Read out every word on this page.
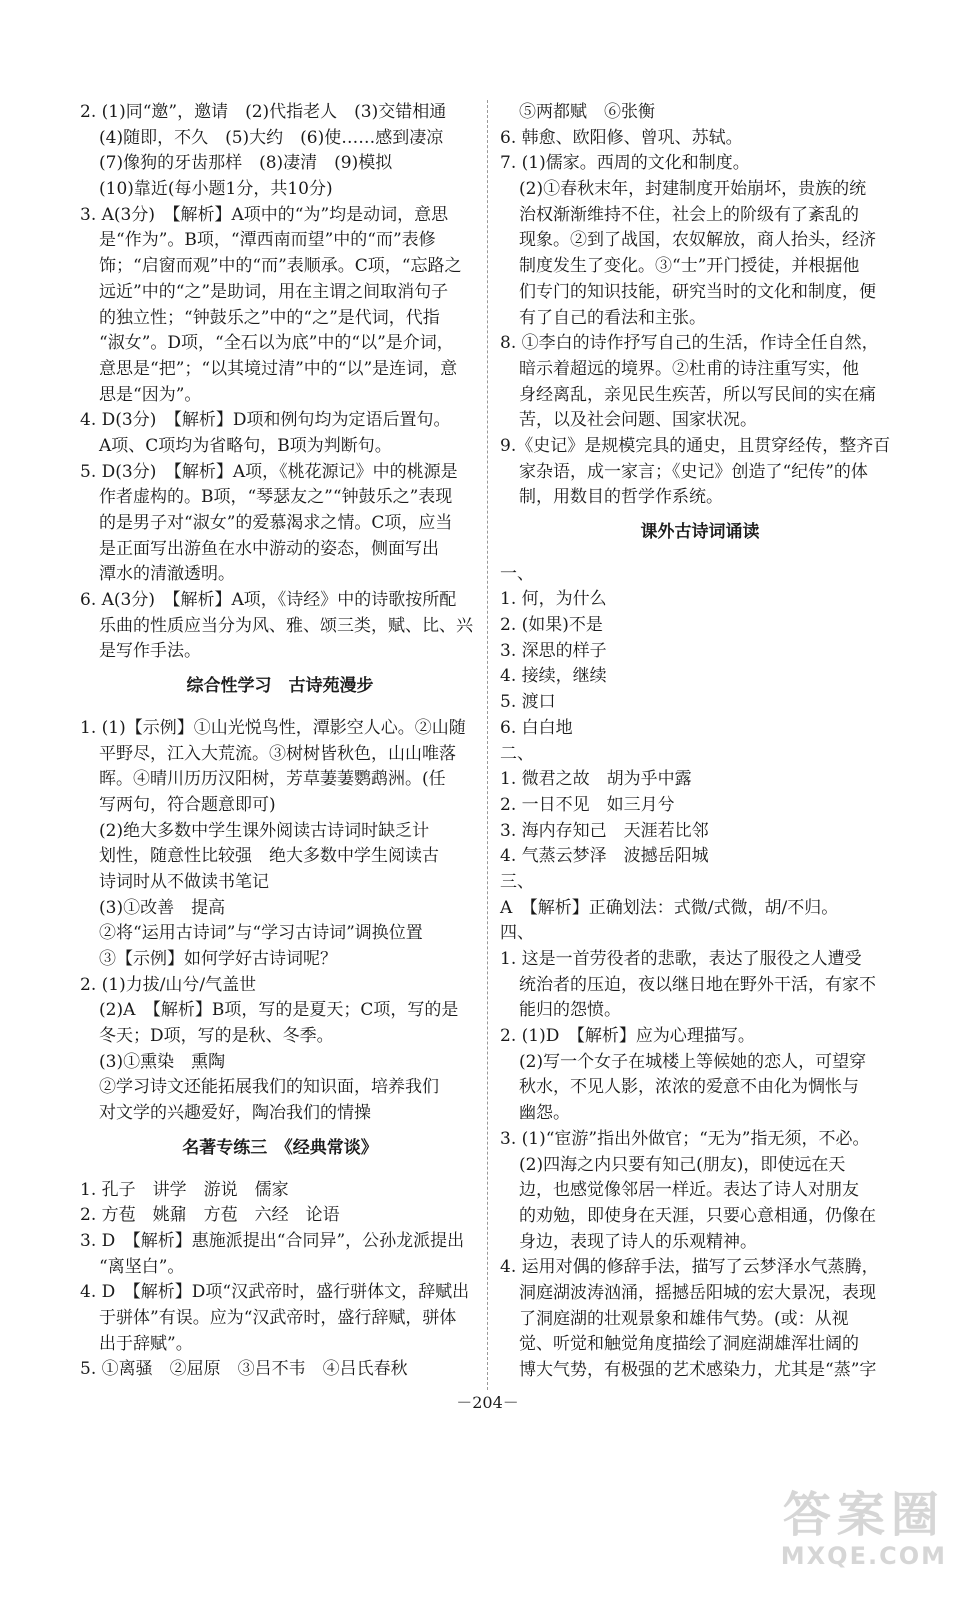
2. (1)同“邀”，邀请　(2)代指老人　(3)交错相通
(4)随即，不久　(5)大约　(6)使……感到凄凉
(7)像狗的牙齿那样　(8)凄清　(9)模拟
(10)靠近(每小题1分，共10分)
3. A(3分)　【解析】A项中的“为”均是动词，意思
是“作为”。B项，“潭西南而望”中的“而”表修
饰；“启窗而观”中的“而”表顺承。C项，“忘路之
远近”中的“之”是助词，用在主谓之间取消句子
的独立性；“钟鼓乐之”中的“之”是代词，代指
“淑女”。D项，“全石以为底”中的“以”是介词，
意思是“把”；“以其境过清”中的“以”是连词，意
思是“因为”。
4. D(3分)　【解析】D项和例句均为定语后置句。
A项、C项均为省略句，B项为判断句。
5. D(3分)　【解析】A项，《桃花源记》中的桃源是
作者虚构的。B项，“琴瑟友之”“钟鼓乐之”表现
的是男子对“淑女”的爱慕渴求之情。C项，应当
是正面写出游鱼在水中游动的姿态，侧面写出
潭水的清澈透明。
6. A(3分)　【解析】A项，《诗经》中的诗歌按所配
乐曲的性质应当分为风、雅、颂三类，赋、比、兴
是写作手法。
综合性学习　古诗苑漫步
1. (1)【示例】①山光悦鸟性，潭影空人心。②山随
平野尽，江入大荒流。③树树皆秋色，山山唯落
晖。④晴川历历汉阳树，芳草萋萋鹦鹉洲。(任
写两句，符合题意即可)
(2)绝大多数中学生课外阅读古诗词时缺乏计
划性，随意性比较强　绝大多数中学生阅读古
诗词时从不做读书笔记
(3)①改善　提高
②将“运用古诗词”与“学习古诗词”调换位置
③【示例】如何学好古诗词呢？
2. (1)力拔/山兮/气盖世
(2)A　【解析】B项，写的是夏天；C项，写的是
冬天；D项，写的是秋、冬季。
(3)①熏染　熏陶
②学习诗文还能拓展我们的知识面，培养我们
对文学的兴趣爱好，陶冶我们的情操
名著专练三　《经典常谈》
1. 孔子　讲学　游说　儒家
2. 方苞　姚鼐　方苞　六经　论语
3. D　【解析】惠施派提出“合同异”，公孙龙派提出
“离坚白”。
4. D　【解析】D项“汉武帝时，盛行骈体文，辞赋出
于骈体”有误。应为“汉武帝时，盛行辞赋，骈体
出于辞赋”。
5. ①离骚　②屈原　③吕不韦　④吕氏春秋
⑤两都赋　⑥张衡
6. 韩愈、欧阳修、曾巩、苏轼。
7. (1)儒家。西周的文化和制度。
(2)①春秋末年，封建制度开始崩坏，贵族的统
治权渐渐维持不住，社会上的阶级有了紊乱的
现象。②到了战国，农奴解放，商人抬头，经济
制度发生了变化。③“士”开门授徒，并根据他
们专门的知识技能，研究当时的文化和制度，便
有了自己的看法和主张。
8. ①李白的诗作抒写自己的生活，作诗全任自然，
暗示着超远的境界。②杜甫的诗注重写实，他
身经离乱，亲见民生疾苦，所以写民间的实在痛
苦，以及社会问题、国家状况。
9.《史记》是规模完具的通史，且贯穿经传，整齐百
家杂语，成一家言；《史记》创造了“纪传”的体
制，用数目的哲学作系统。
课外古诗词诵读
一、
1. 何，为什么
2. (如果)不是
3. 深思的样子
4. 接续，继续
5. 渡口
6. 白白地
二、
1. 微君之故　胡为乎中露
2. 一日不见　如三月兮
3. 海内存知己　天涯若比邻
4. 气蒸云梦泽　波撼岳阳城
三、
A　【解析】正确划法：式微/式微，胡/不归。
四、
1. 这是一首劳役者的悲歌，表达了服役之人遭受
统治者的压迫，夜以继日地在野外干活，有家不
能归的怨愤。
2. (1)D　【解析】应为心理描写。
(2)写一个女子在城楼上等候她的恋人，可望穿
秋水，不见人影，浓浓的爱意不由化为惆怅与
幽怨。
3. (1)“宦游”指出外做官；“无为”指无须，不必。
(2)四海之内只要有知己(朋友)，即使远在天
边，也感觉像邻居一样近。表达了诗人对朋友
的劝勉，即使身在天涯，只要心意相通，仍像在
身边，表现了诗人的乐观精神。
4. 运用对偶的修辞手法，描写了云梦泽水气蒸腾，
洞庭湖波涛汹涌，摇撼岳阳城的宏大景况，表现
了洞庭湖的壮观景象和雄伟气势。(或：从视
觉、听觉和触觉角度描绘了洞庭湖雄浑壮阔的
博大气势，有极强的艺术感染力，尤其是“蒸”字
－204－
答案圈
MXQE.COM
